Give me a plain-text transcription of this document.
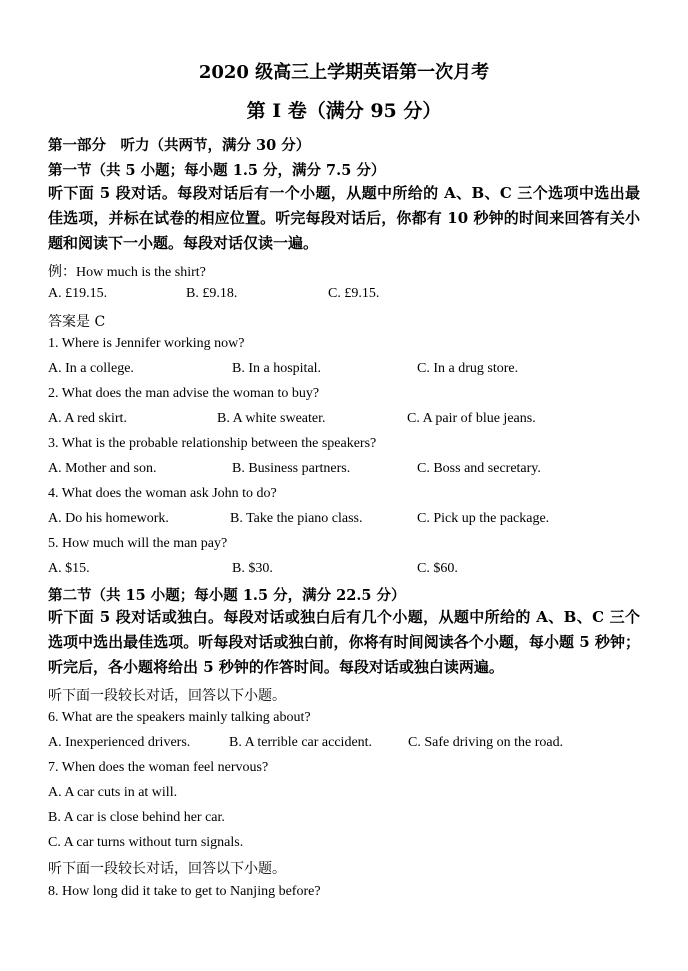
2020 级高三上学期英语第一次月考
第 I 卷（满分 95 分）
第一部分　听力（共两节，满分 30 分）
第一节（共 5 小题；每小题 1.5 分，满分 7.5 分）
听下面 5 段对话。每段对话后有一个小题，从题中所给的 A、B、C 三个选项中选出最佳选项，并标在试卷的相应位置。听完每段对话后，你都有 10 秒钟的时间来回答有关小题和阅读下一小题。每段对话仅读一遍。
例：How much is the shirt?
A. £19.15.	B. £9.18.	C. £9.15.
答案是 C
1. Where is Jennifer working now?
A. In a college.	B. In a hospital.	C. In a drug store.
2. What does the man advise the woman to buy?
A. A red skirt.	B. A white sweater.	C. A pair of blue jeans.
3. What is the probable relationship between the speakers?
A. Mother and son.	B. Business partners.	C. Boss and secretary.
4. What does the woman ask John to do?
A. Do his homework.	B. Take the piano class.	C. Pick up the package.
5. How much will the man pay?
A. $15.	B. $30.	C. $60.
第二节（共 15 小题；每小题 1.5 分，满分 22.5 分）
听下面 5 段对话或独白。每段对话或独白后有几个小题，从题中所给的 A、B、C 三个选项中选出最佳选项。听每段对话或独白前，你将有时间阅读各个小题，每小题 5 秒钟；听完后，各小题将给出 5 秒钟的作答时间。每段对话或独白读两遍。
听下面一段较长对话，回答以下小题。
6. What are the speakers mainly talking about?
A. Inexperienced drivers.	B. A terrible car accident.	C. Safe driving on the road.
7. When does the woman feel nervous?
A. A car cuts in at will.
B. A car is close behind her car.
C. A car turns without turn signals.
听下面一段较长对话，回答以下小题。
8. How long did it take to get to Nanjing before?
